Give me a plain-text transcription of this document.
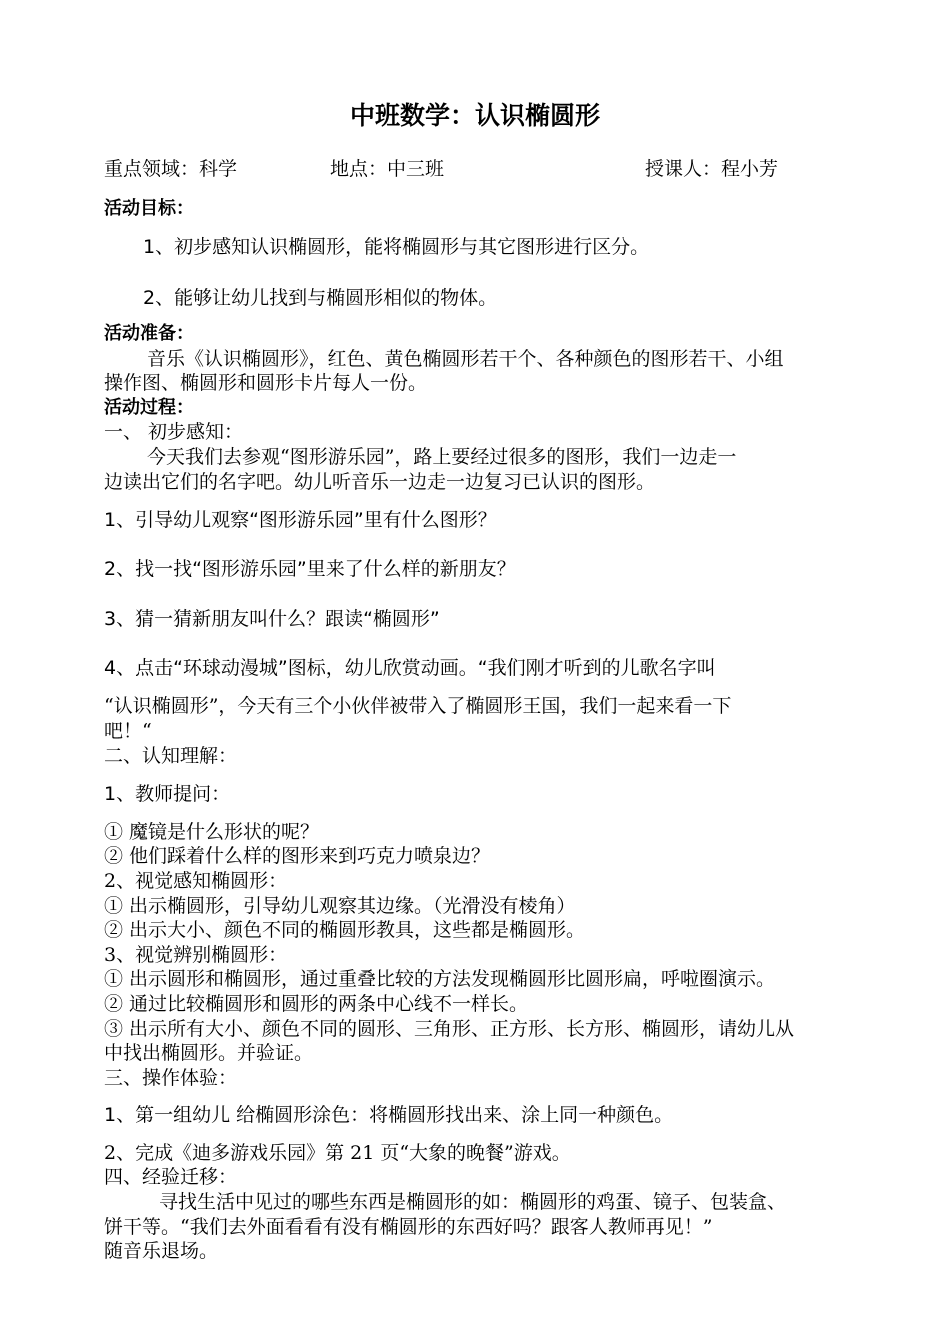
中班数学：认识椭圆形
重点领域：科学	地点：中三班	授课人：程小芳
活动目标：
1、初步感知认识椭圆形，能将椭圆形与其它图形进行区分。
2、能够让幼儿找到与椭圆形相似的物体。
活动准备：
音乐《认识椭圆形》，红色、黄色椭圆形若干个、各种颜色的图形若干、小组
操作图、椭圆形和圆形卡片每人一份。
活动过程：
一、 初步感知：
今天我们去参观“图形游乐园”，路上要经过很多的图形，我们一边走一
边读出它们的名字吧。幼儿听音乐一边走一边复习已认识的图形。
1、引导幼儿观察“图形游乐园”里有什么图形？
2、找一找“图形游乐园”里来了什么样的新朋友？
3、猜一猜新朋友叫什么？跟读“椭圆形”
4、点击“环球动漫城”图标，幼儿欣赏动画。“我们刚才听到的儿歌名字叫
“认识椭圆形”，今天有三个小伙伴被带入了椭圆形王国，我们一起来看一下
吧！“
二、认知理解：
1、教师提问：
① 魔镜是什么形状的呢？
② 他们踩着什么样的图形来到巧克力喷泉边？
2、视觉感知椭圆形：
① 出示椭圆形，引导幼儿观察其边缘。（光滑没有棱角）
② 出示大小、颜色不同的椭圆形教具，这些都是椭圆形。
3、视觉辨别椭圆形：
① 出示圆形和椭圆形，通过重叠比较的方法发现椭圆形比圆形扁，呼啦圈演示。
② 通过比较椭圆形和圆形的两条中心线不一样长。
③ 出示所有大小、颜色不同的圆形、三角形、正方形、长方形、椭圆形，请幼儿从
中找出椭圆形。并验证。
三、操作体验：
1、第一组幼儿 给椭圆形涂色：将椭圆形找出来、涂上同一种颜色。
2、完成《迪多游戏乐园》第 21 页“大象的晚餐”游戏。
四、经验迁移：
寻找生活中见过的哪些东西是椭圆形的如：椭圆形的鸡蛋、镜子、包装盒、
饼干等。“我们去外面看看有没有椭圆形的东西好吗？跟客人教师再见！”
随音乐退场。
